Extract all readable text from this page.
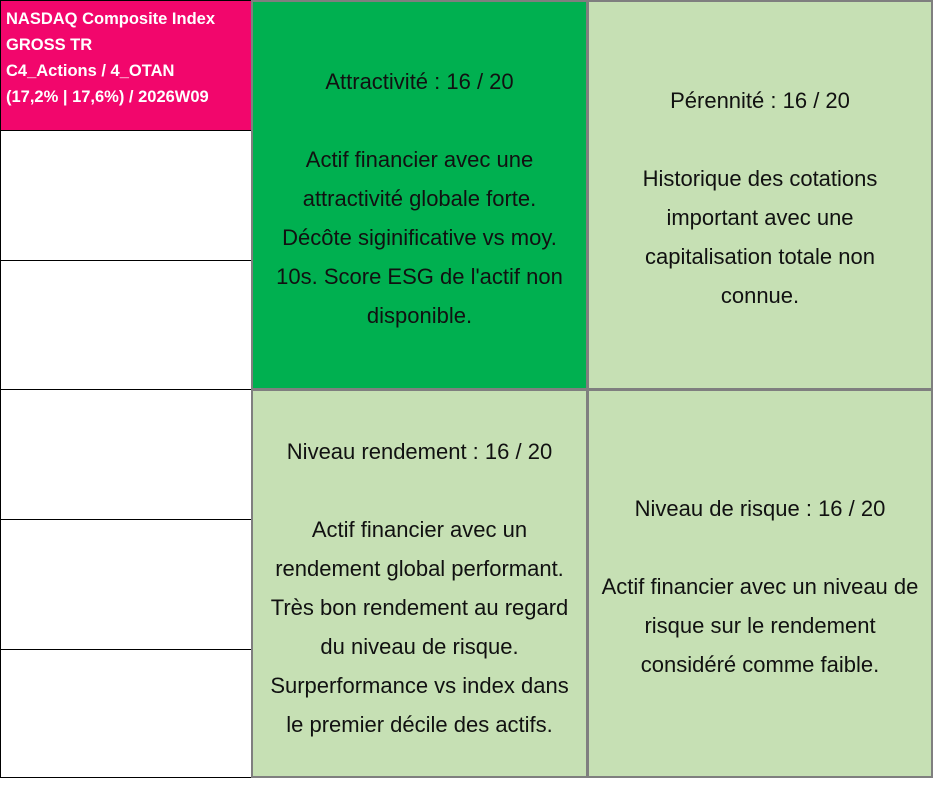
NASDAQ Composite Index
GROSS TR
C4_Actions / 4_OTAN
(17,2% | 17,6%) / 2026W09
Attractivité : 16 / 20
Actif financier avec une
attractivité globale forte.
Décôte siginificative vs moy.
10s. Score ESG de l'actif non
disponible.
Pérennité : 16 / 20
Historique des cotations
important avec une
capitalisation totale non
connue.
Niveau rendement : 16 / 20
Actif financier avec un
rendement global performant.
Très bon rendement au regard
du niveau de risque.
Surperformance vs index dans
le premier décile des actifs.
Niveau de risque : 16 / 20
Actif financier avec un niveau de
risque sur le rendement
considéré comme faible.
